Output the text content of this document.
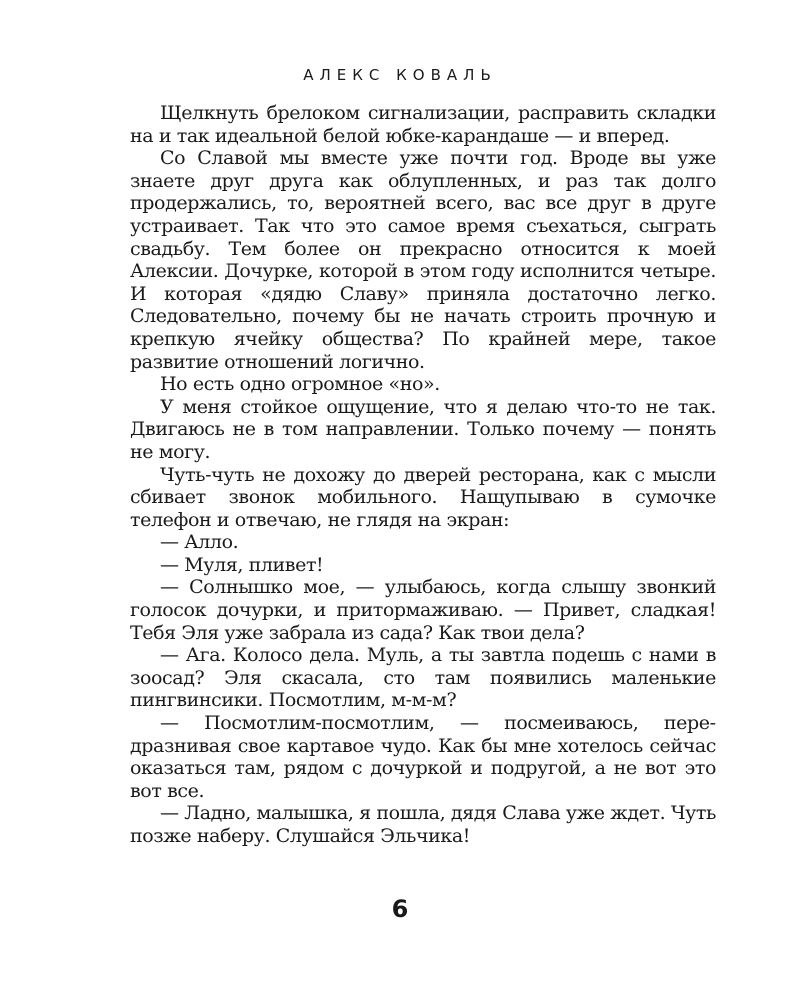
АЛЕКС КОВАЛЬ

Щелкнуть брелоком сигнализации, расправить складки на и так идеальной белой юбке-карандаше — и вперед.

Со Славой мы вместе уже почти год. Вроде вы уже знаете друг друга как облупленных, и раз так долго продержались, то, вероятней всего, вас все друг в друге устраивает. Так что это самое время съехаться, сыграть свадьбу. Тем более он прекрасно относится к моей Алексии. Дочурке, которой в этом году исполнится четыре. И которая «дядю Славу» приняла достаточно легко. Следовательно, почему бы не начать строить прочную и крепкую ячейку общества? По крайней мере, такое развитие отношений логично.

Но есть одно огромное «но».

У меня стойкое ощущение, что я делаю что-то не так. Двигаюсь не в том направлении. Только почему — понять не могу.

Чуть-чуть не дохожу до дверей ресторана, как с мысли сбивает звонок мобильного. Нащупываю в сумочке телефон и отвечаю, не глядя на экран:

— Алло.

— Муля, пливет!

— Солнышко мое, — улыбаюсь, когда слышу звонкий голосок дочурки, и притормаживаю. — Привет, сладкая! Тебя Эля уже забрала из сада? Как твои дела?

— Ага. Колосо дела. Муль, а ты завтла подешь с нами в зоосад? Эля скасала, сто там появились маленькие пингвинсики. Посмотлим, м-м-м?

— Посмотлим-посмотлим, — посмеиваюсь, передразнивая свое картавое чудо. Как бы мне хотелось сейчас оказаться там, рядом с дочуркой и подругой, а не вот это вот все.

— Ладно, малышка, я пошла, дядя Слава уже ждет. Чуть позже наберу. Слушайся Эльчика!

6
